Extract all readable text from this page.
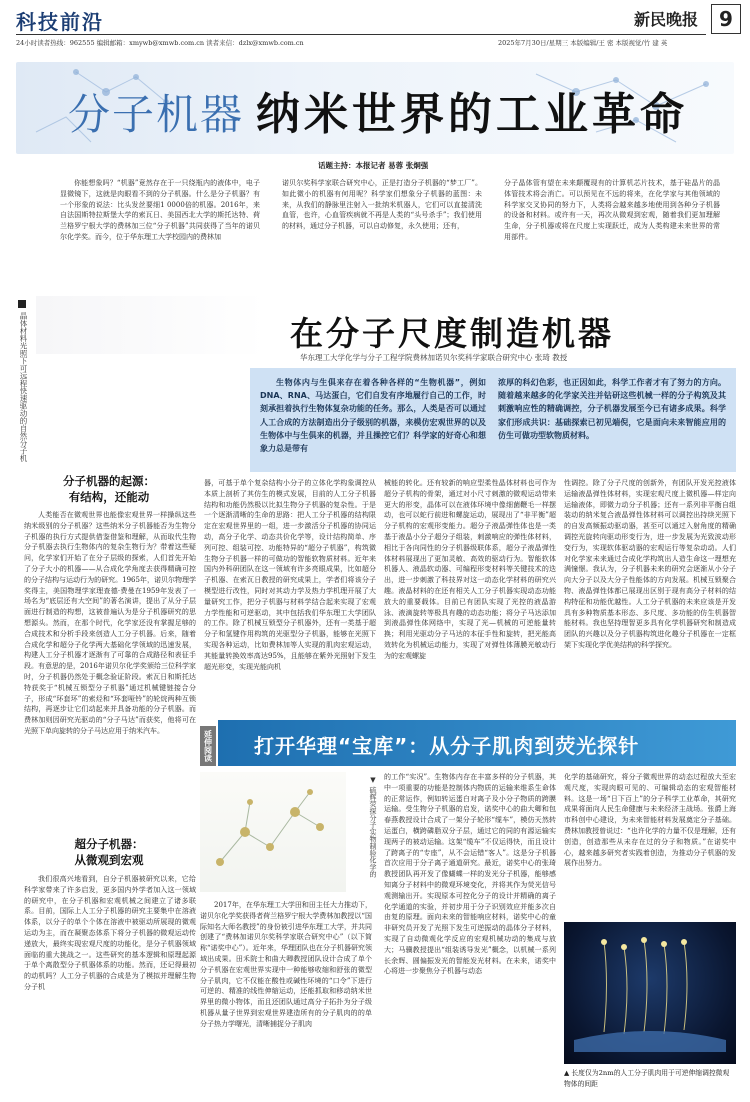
科技前沿	新民晚报 9
24小时读者热线：962555 编辑邮箱：xmywb@xmwb.com.cn 读者来信：dzlx@xmwb.com.cn	2025年7月30日/星期三 本版编辑/王 密 本版视觉/竹 建 英
分子机器 纳米世界的工业革命
话题主持：本报记者 易蓉 张炯强
你能想象吗？“机器”竟然存在于一只绕瓶内的液体中，电子显微镜下，这就是肉眼看不到的分子机器。什么是分子机器？有一个形象的说法：比头发丝要细1 0000倍的机器。2016年，来自法国斯特拉斯堡大学的索瓦日、美国西北大学的斯托达特、荷兰格罗宁根大学的费林加三位“分子机器”共同获得了当年的诺贝尔化学奖。而今，位于华东理工大学校园内的费林加
诺贝尔奖科学家联合研究中心，正是打造分子机器的“梦工厂”。如此微小的机器有何用呢？科学家们想象分子机器的蓝图：未来，从我们的静脉里注射入一批纳米机器人，它们可以直接清洗血管，也许，心血管疾病就不再是人类的“头号杀手”；我们使用的材料，通过分子机器，可以自动修复，永久使用；还有，
分子晶体管有望在未来颠覆现有的计算机芯片技术，基于硅晶片的晶体管技术将会消亡。可以预见在不远的将来，在化学家与其他领域的科学家交叉协同的努力下，人类将会越来越多地使用到各种分子机器的设备和材料。或许有一天，再次从微观到宏观，随着我们更加理解生命，分子机器或将在尺度上实现跃迁，成为人类构建未来世界的常用部件。
晶体材料光照下可远程快速驱动的自然分子机	在分子尺度制造机器
华东理工大学化学与分子工程学院费林加诺贝尔奖科学家联合研究中心 张琦 教授
生物体内与生俱来存在着各种各样的“生物机器”，例如DNA、RNA、马达蛋白，它们自发有序地履行自己的工作，时刻承担着执行生物体复杂功能的任务。那么，人类是否可以通过人工合成的方法制造出分子级别的机器，来模仿宏观世界的以及生物体中与生俱来的机器，并且操控它们？科学家的好奇心和想象力总是带有
浓厚的科幻色彩，也正因如此，科学工作者才有了努力的方向。随着越来越多的化学家关注并钻研这些机械一样的分子构筑及其刺激响应性的精确调控，分子机器发展至今已有诸多成果。科学家们形成共识：基础探索已初见端倪，它是面向未来智能应用的仿生可做功型软物质材料。
分子机器的起源：
有结构，还能动
人类能否在微观世界也能像宏观世界一样操纵这些纳米级别的分子机器？这些纳米分子机器能否为生物分子机器的执行方式提供借鉴借鉴和理解，从而取代生物分子机器去执行生物体内的复杂生物行为？带着这些疑问，化学家们开始了在分子层级的探索，人们首先开始了分子大小的机器——从合成化学角度去获得精确可控的分子结构与运动行为的研究。1965年，诺贝尔物理学奖得主，美国物理学家理查德·费曼在1959年发表了一场名为“底层还有大空间”的著名演讲，提出了从分子层面进行制造的构想，这被普遍认为是分子机器研究的思想源头。然而，在那个时代，化学家还没有掌握足够的合成技术和分析手段来创造人工分子机器。后来，随着合成化学和超分子化学两大基础化学领域的迅速发展，构建人工分子机器才逐渐有了可靠的合成路径和表征手段。有意思的是，2016年诺贝尔化学奖颁给三位科学家时，分子机器仍然处于概念验证阶段。索瓦日和斯托达特获奖于“机械互锁型分子机器”通过机械键链接合分子，形成“环套环”的索烃和“环套哑铃”的轮烷两种互锁结构，再逐步让它们动起来并具备功能的分子机器。而费林加则因研究光驱动的“分子马达”而获奖，他将可在光照下单向旋转的分子马达应用于纳米汽车。
超分子机器：
从微观到宏观
我们很高兴地看到，自分子机器被研究以来，它给科学家带来了许多启发，更多国内外学者加入这一领域的研究中，在分子机器和宏观机械之间建立了诸多联系。目前，国际上人工分子机器的研究主要集中在溶液体系，以分子的单个个体在溶液中被驱动所展现的微观运动为主，而在凝聚态体系下将分子机器的微观运动传递放大，最终实现宏观尺度的功能化，是分子机器领域面临的重大挑战之一。这些研究的基本逻辑和原理起源于单个离散型分子机器体系的功能。然而，还记得最初的动机吗？人工分子机器的合成是为了模拟并理解生物分子机
器，可基于单个复杂结构小分子的立体化学构象调控从本质上剖析了其仿生的模式发展，目前的人工分子机器结构和功能仍然极以比拟生物分子机器的复杂性。于是一个逐渐清晰的生命的思路：把人工分子机器的结构限定在宏观世界里的一组，进一步激活分子机器的协同运动，高分子化学、动态共价化学等，设计结构简单、序列可控、组装可控、功能特异的“超分子机器”，构筑微生物分子机器一样的可做功的智能软物质材料。近年来国内外科研团队在这一领域有许多亮眼成果，比如超分子机器、在索瓦日教授的研究成果上，学者们将该分子模型进行改性，同时对其动力学及热力学机理开展了大量研究工作，把分子机器与材料学结合起来实现了宏观力学性能和可逆驱动，其中包括我们华东理工大学团队的工作。除了机械互锁型分子机器外，还有一类基于超分子和氢键作用构筑的光驱型分子机器，能够在光照下实现各种运动，比如费林加等人实现的肌肉宏观运动，其能量转换效率高达95%，且能够在紫外光照射下发生超光形变，实现光能向机
械能的转化。还有较新的响应型柔性晶体材料也可作为超分子机构的骨架，通过对小尺寸刺激的微观运动带来更大的形变，晶体可以在液体环境中像细菌鞭毛一样摆动，也可以蛇行前进和螺旋运动，展现出了“非平衡”超分子机构的宏观形变能力。超分子液晶弹性体也是一类基于液晶小分子超分子组装，刺激响应的弹性体材料，相比于各向同性的分子机器级联体系，超分子液晶弹性体材料展现出了更加灵敏、高效的驱动行为。智能软体机器人、液晶软动器、可编程形变材料等关键技术的迭出，进一步刺激了科技界对这一动态化学材料的研究兴趣。液晶材料的在还有相关人工分子机器实现动态功能放大的重要载体。目前已有团队实现了光控的液晶游泳、液滴旋转等极具有趣的动态功能；将分子马达添加到液晶弹性体网络中，实现了光—机械的可逆能量转换；利用光驱动分子马达的本征手性和旋转，把光能高效转化为机械运动能力，实现了对弹性体薄膜光敏动行为的宏观螺旋
性调控。除了分子尺度的创新外，有团队开发光控液体运输液晶弹性体材料，实现宏观尺度上微机器—样定向运输液体，即微力动分子机器；还有一系列非平衡自组装动的纳米复合液晶弹性体材料可以调控出持续光照下的自发高频振动驱动器，甚至可以通过入射角度的精确调控光旋转向驱动形变行为，进一步发展为光致波动形变行为，实现软体驱动器的宏观运行等复杂动动。人们对化学家未来通过合成化学构筑出人造生命这一理想充满憧憬。我认为，分子机器未来的研究会逐渐从小分子向大分子以及大分子性能体的方向发展。机械互锁聚合物、液晶弹性体都已展现出区别于现有高分子材料的结构特征和功能优越性。人工分子机器的未来应该是开发具有多种物质基本形态、多尺度、多功能的仿生机器智能材料。我也坚持理智更多具有化学机器研究和制造成团队的兴趣以及分子机器构筑进化趣分子机器在一定框架下实现化学优美结构的科学探究。
延伸阅读 打开华理“宝库”：从分子肌肉到荧光探针
▼ 硫辉荧探分子实物制验化学的
2017年，在华东理工大学田和田主任大力推动下，诺贝尔化学奖获得者荷兰格罗宁根大学费林加教授以“国际知名大师名教授”的身份被引进华东理工大学，并共同创建了“费林加诺贝尔奖科学家联合研究中心”（以下简称“诺奖中心”）。近年来，华理团队也在分子机器研究领域出成果。田禾院士和曲大卿教授团队设计合成了单个分子机器在宏观世界实现中一种能够收缩和舒张的微型分子肌肉，它不仅能在酸性或碱性环境的“口令”下进行可逆的、精准的线性伸缩运动，还能抓取和移动纳米世界里的微小物体，而且还团队通过高分子拓扑为分子级机器从量子世界到宏观世界建造所有的分子肌肉的的单分子热力学曙光，清晰捕捉分子肌肉
的工作“实况”。生物体内存在丰富多样的分子机器，其中一项重要的功能是控制体内物质的运输来维系生命体的正常运作，例如转运蛋白对离子及小分子物质的跨膜运输。受生物分子机器的启发，诺奖中心的曲大卿和包春燕教授设计合成了一架分子轮形“缆车”，模仿天然转运蛋白，横跨磷脂双分子层，通过它的同的有源运输实现两子的被动运输。这架“缆车”不仅运得快，而且设计了跨离子的“专座”，从不会运错“客人”。这是分子机器首次应用于分子离子通道研究。最近，诺奖中心的张琦教授团队再开发了像蝴蝶一样的发光分子机器，能够感知离分子材料中的微观环境变化，并将其作为荧光信号观测输出开。实现原本可控化分子的设计并精确的离子化学通道的实验，并初步用于分子识别效应并能多次自由复的原理。面向未来的智能响应材料，诺奖中心的童非研究员开发了光照下发生可逆振动的晶体分子材料，实现了自动微观化学反应的宏观机械功动的集成与放大；马骥教授提出“组装诱导发光”概念，以机械一系列长余辉、圆偏振发光的智能发光材料。在未来，诺奖中心将进一步聚焦分子机器与动态
化学的基础研究，将分子微观世界的动态过程放大至宏观尺度，实现肉眼可见的、可编辑动态的宏观智能材料。这是一场“日下百上”的分子科学工业革命，其研究成果将面向人民生命健康与未来经济主战场。张爵上海市科创中心建设，为未来智能材料发展奠定分子基础。费林加教授曾说过：“也许化学的力量不仅是理解，还有创造，创造那些从未存在过的分子和物质。”在诺奖中心，越来越多研究者实践着创造，为推动分子机器的发展作出努力。
▲ 长度仅为2nm的人工分子肌肉用于可逆伸缩调控微观物体的间距
